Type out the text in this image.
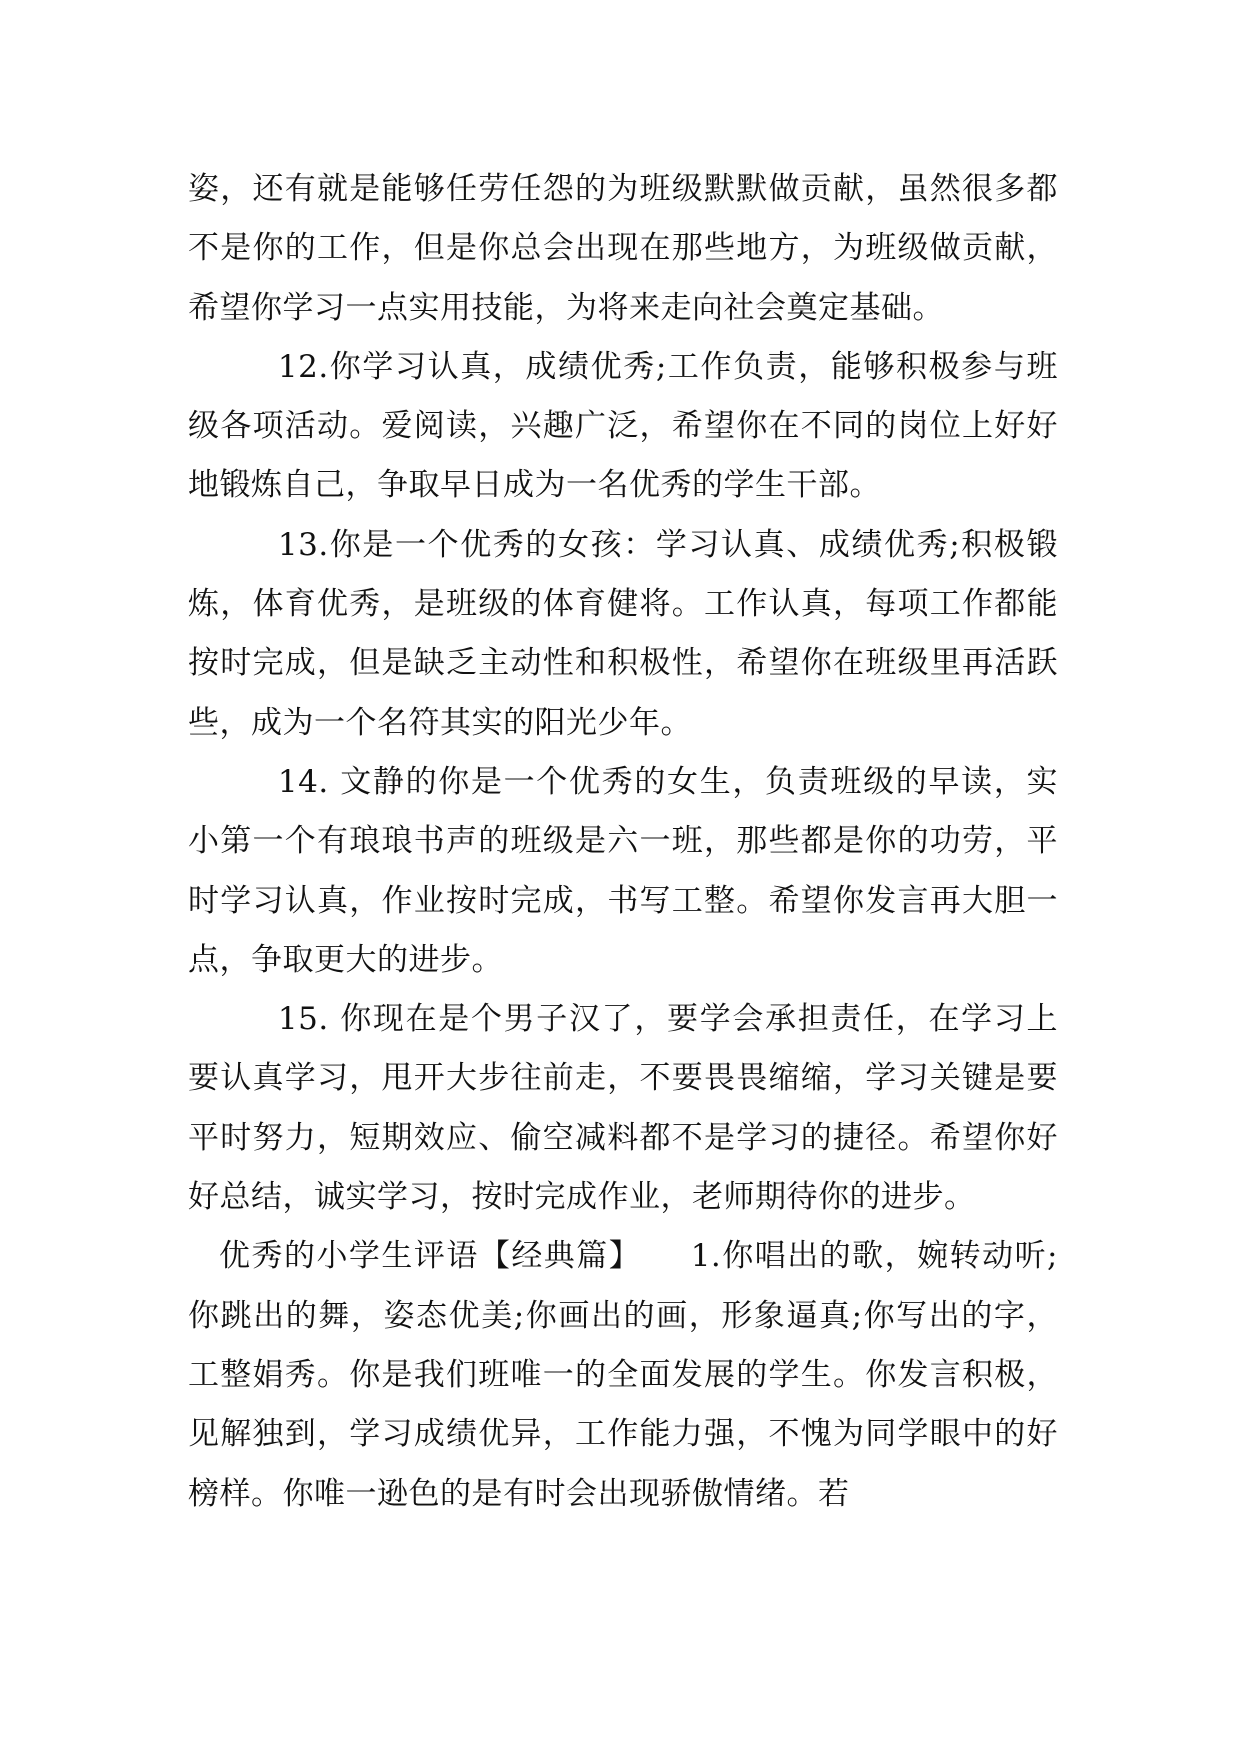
姿，还有就是能够任劳任怨的为班级默默做贡献，虽然很多都不是你的工作，但是你总会出现在那些地方，为班级做贡献，希望你学习一点实用技能，为将来走向社会奠定基础。

12.你学习认真，成绩优秀;工作负责，能够积极参与班级各项活动。爱阅读，兴趣广泛，希望你在不同的岗位上好好地锻炼自己，争取早日成为一名优秀的学生干部。

13.你是一个优秀的女孩：学习认真、成绩优秀;积极锻炼，体育优秀，是班级的体育健将。工作认真，每项工作都能按时完成，但是缺乏主动性和积极性，希望你在班级里再活跃些，成为一个名符其实的阳光少年。

14. 文静的你是一个优秀的女生，负责班级的早读，实小第一个有琅琅书声的班级是六一班，那些都是你的功劳，平时学习认真，作业按时完成，书写工整。希望你发言再大胆一点，争取更大的进步。

15. 你现在是个男子汉了，要学会承担责任，在学习上要认真学习，甩开大步往前走，不要畏畏缩缩，学习关键是要平时努力，短期效应、偷空减料都不是学习的捷径。希望你好好总结，诚实学习，按时完成作业，老师期待你的进步。

优秀的小学生评语【经典篇】　　1.你唱出的歌，婉转动听;你跳出的舞，姿态优美;你画出的画，形象逼真;你写出的字，工整娟秀。你是我们班唯一的全面发展的学生。你发言积极，见解独到，学习成绩优异，工作能力强，不愧为同学眼中的好榜样。你唯一逊色的是有时会出现骄傲情绪。若
